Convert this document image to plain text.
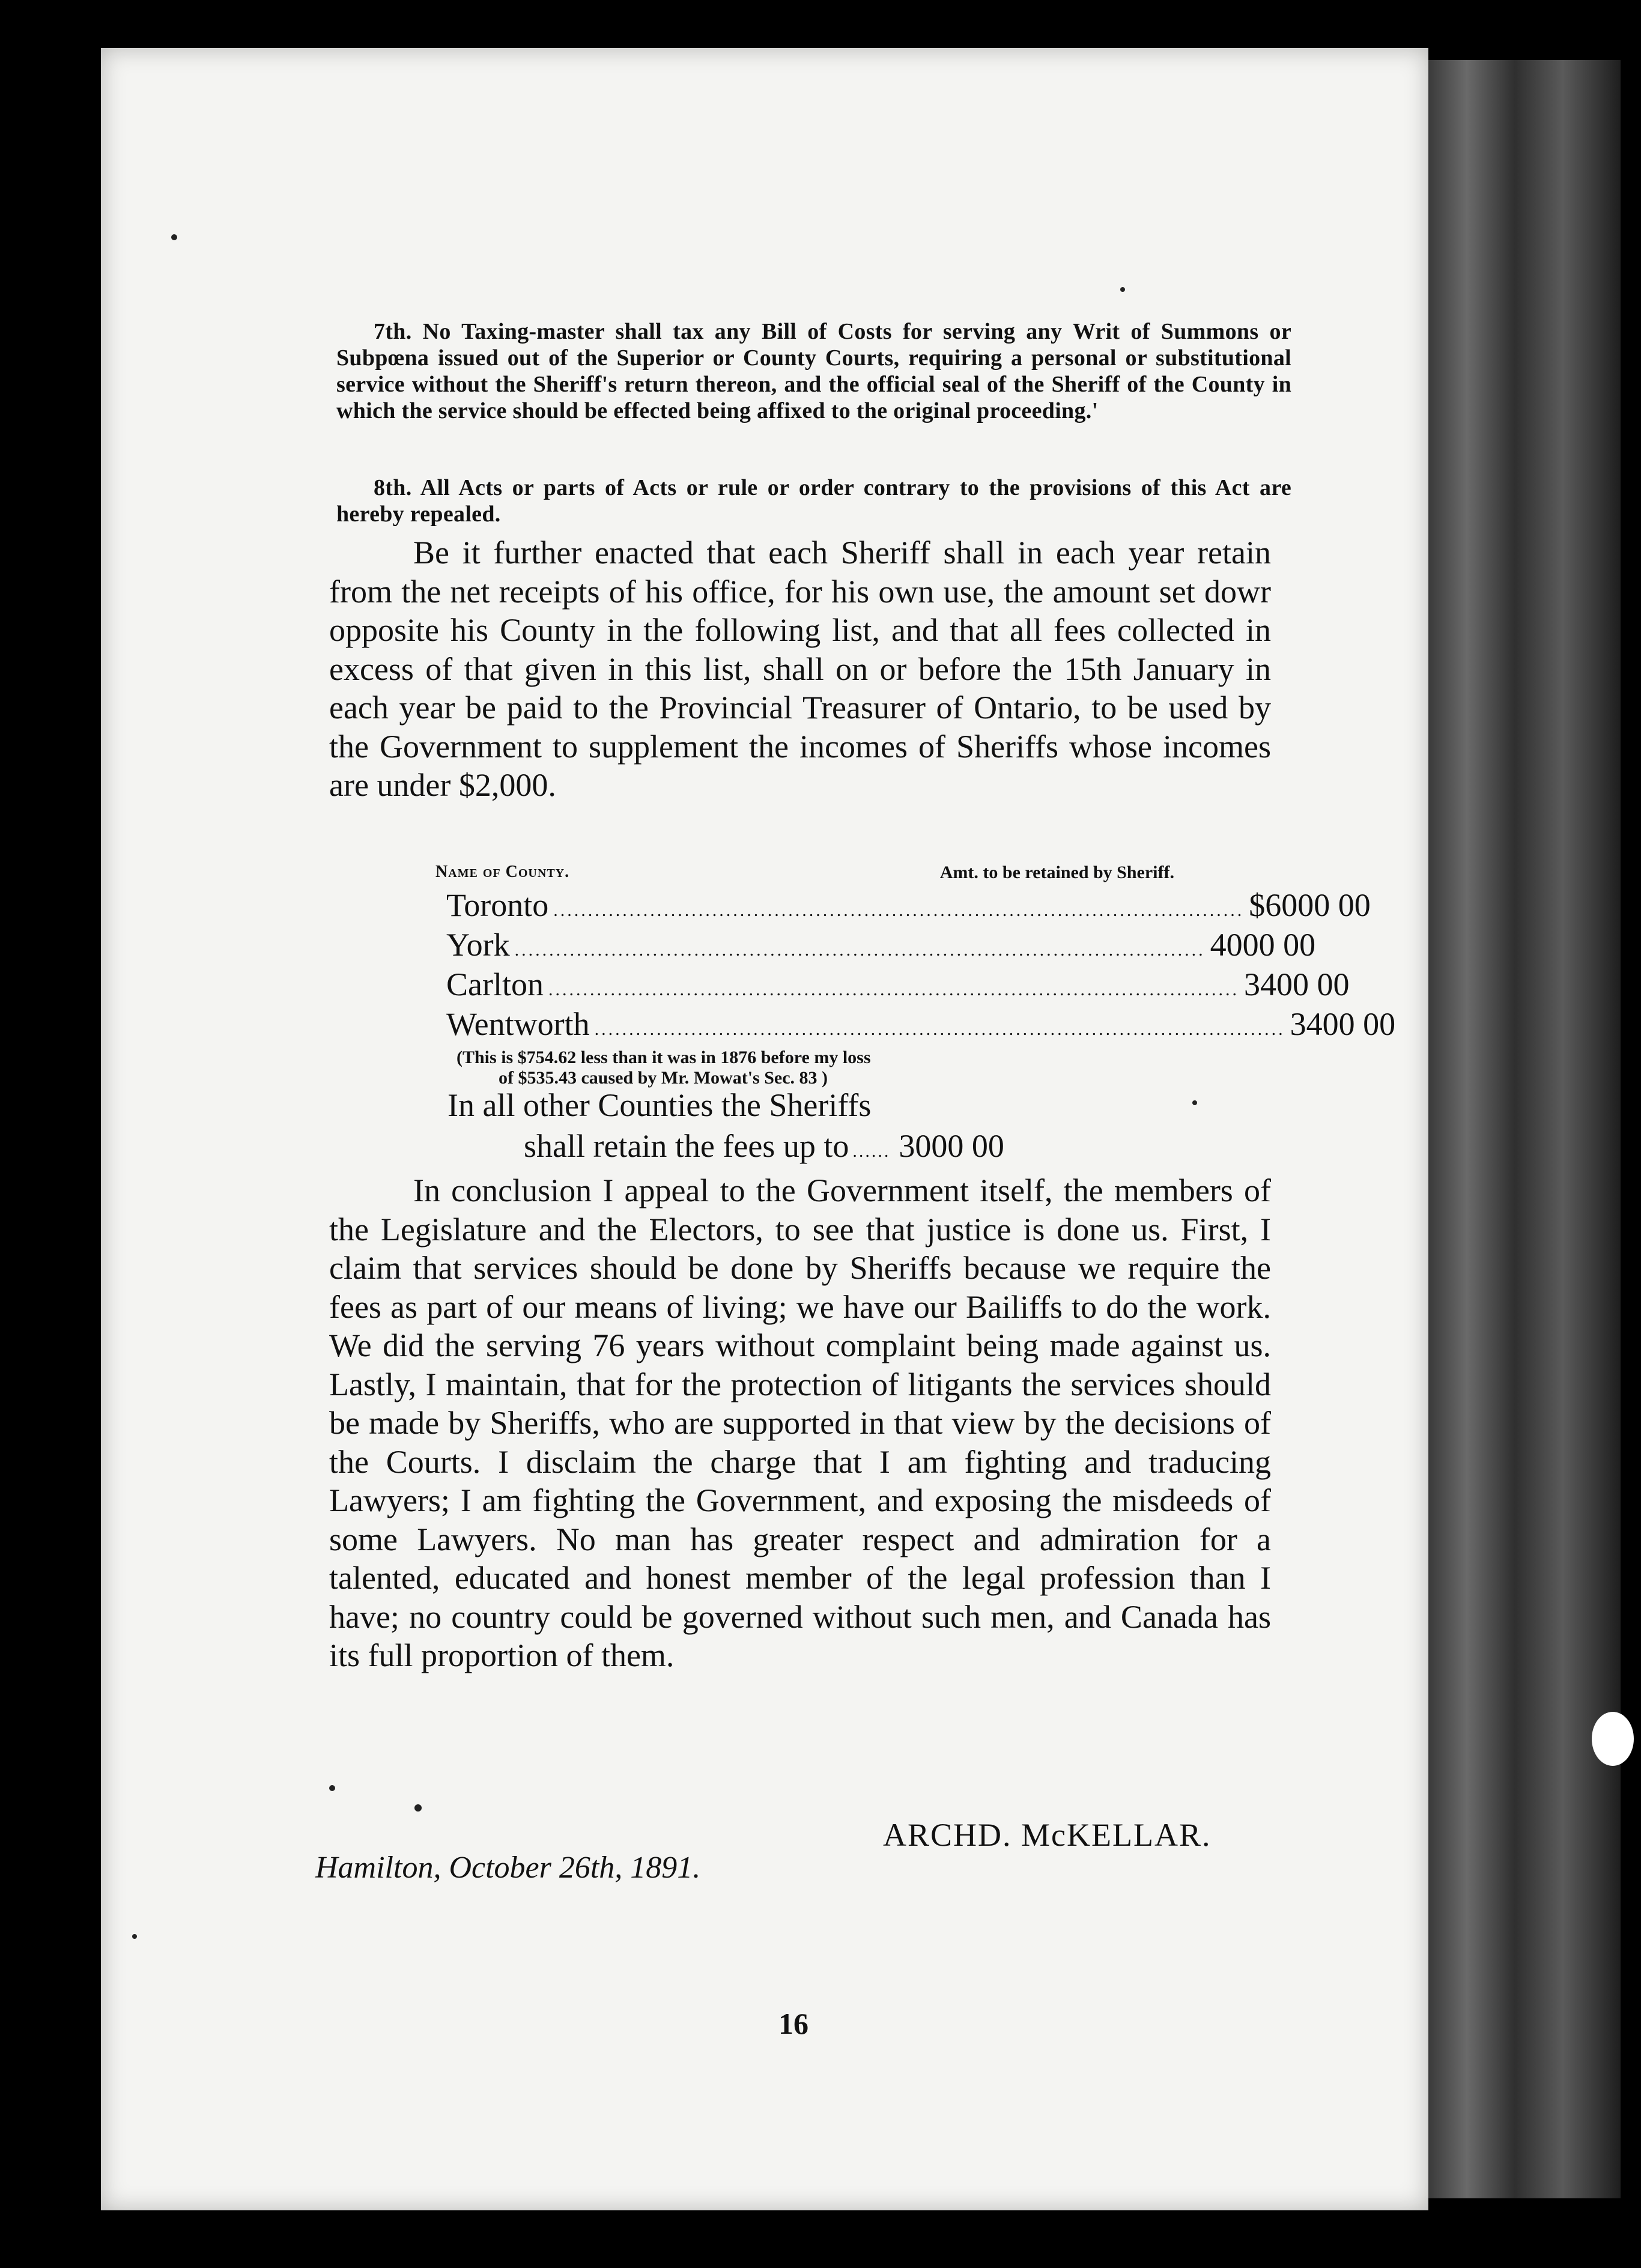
7th. No Taxing-master shall tax any Bill of Costs for serving any Writ of Summons or Subpœna issued out of the Superior or County Courts, requiring a personal or substitutional service without the Sheriff's return thereon, and the official seal of the Sheriff of the County in which the service should be effected being affixed to the original proceeding.'

8th. All Acts or parts of Acts or rule or order contrary to the provisions of this Act are hereby repealed.

Be it further enacted that each Sheriff shall in each year retain from the net receipts of his office, for his own use, the amount set dowr opposite his County in the following list, and that all fees collected in excess of that given in this list, shall on or before the 15th January in each year be paid to the Provincial Treasurer of Ontario, to be used by the Government to supplement the incomes of Sheriffs whose incomes are under $2,000.

Name of County.	Amt. to be retained by Sheriff.
Toronto .................................................................................................... $6000 00
York .................................................................................................... 4000 00
Carlton .................................................................................................... 3400 00
Wentworth .................................................................................................... 3400 00
(This is $754.62 less than it was in 1876 before my loss
of $535.43 caused by Mr. Mowat's Sec. 83 )
In all other Counties the Sheriffs
shall retain the fees up to ...... 3000 00

In conclusion I appeal to the Government itself, the members of the Legislature and the Electors, to see that justice is done us. First, I claim that services should be done by Sheriffs because we require the fees as part of our means of living; we have our Bailiffs to do the work. We did the serving 76 years without complaint being made against us. Lastly, I maintain, that for the protection of litigants the services should be made by Sheriffs, who are supported in that view by the decisions of the Courts. I disclaim the charge that I am fighting and traducing Lawyers; I am fighting the Government, and exposing the misdeeds of some Lawyers. No man has greater respect and admiration for a talented, educated and honest member of the legal profession than I have; no country could be governed without such men, and Canada has its full proportion of them.

ARCHD. McKELLAR.
Hamilton, October 26th, 1891.
16
